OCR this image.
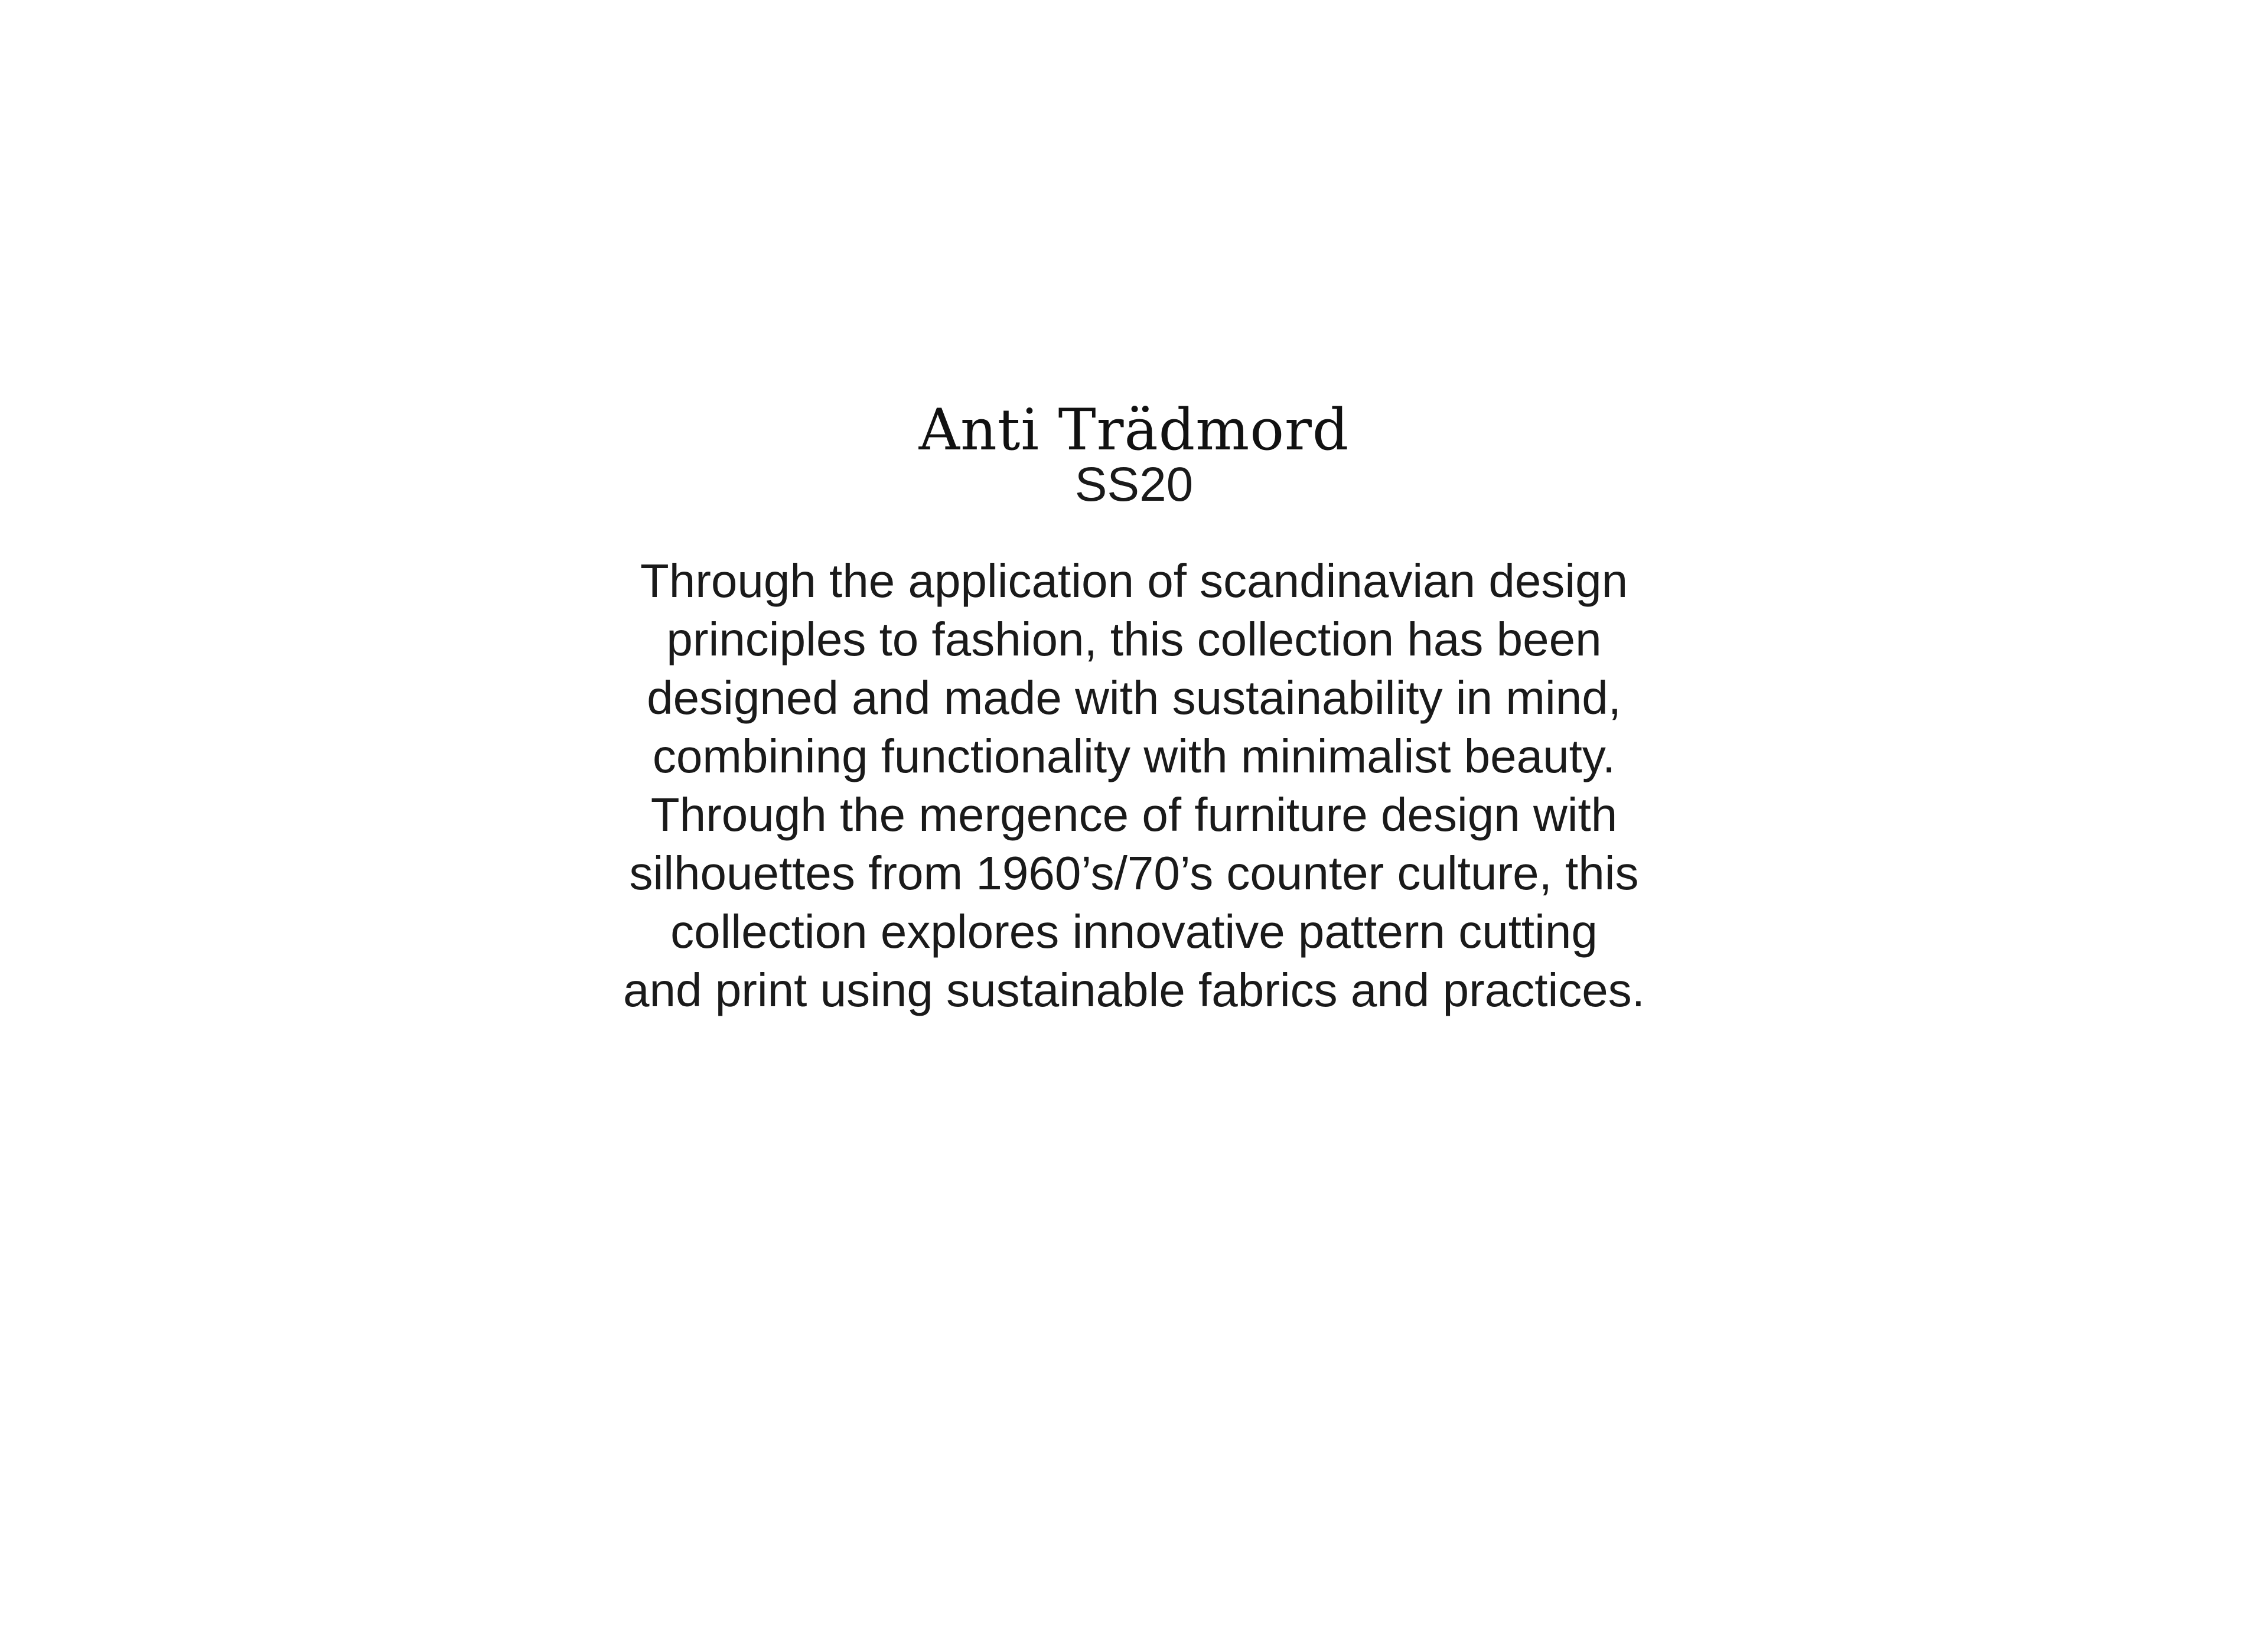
Anti Trädmord

SS20

Through the application of scandinavian design
principles to fashion, this collection has been
designed and made with sustainability in mind,
combining functionality with minimalist beauty.
Through the mergence of furniture design with
silhouettes from 1960’s/70’s counter culture, this
collection explores innovative pattern cutting
and print using sustainable fabrics and practices.
